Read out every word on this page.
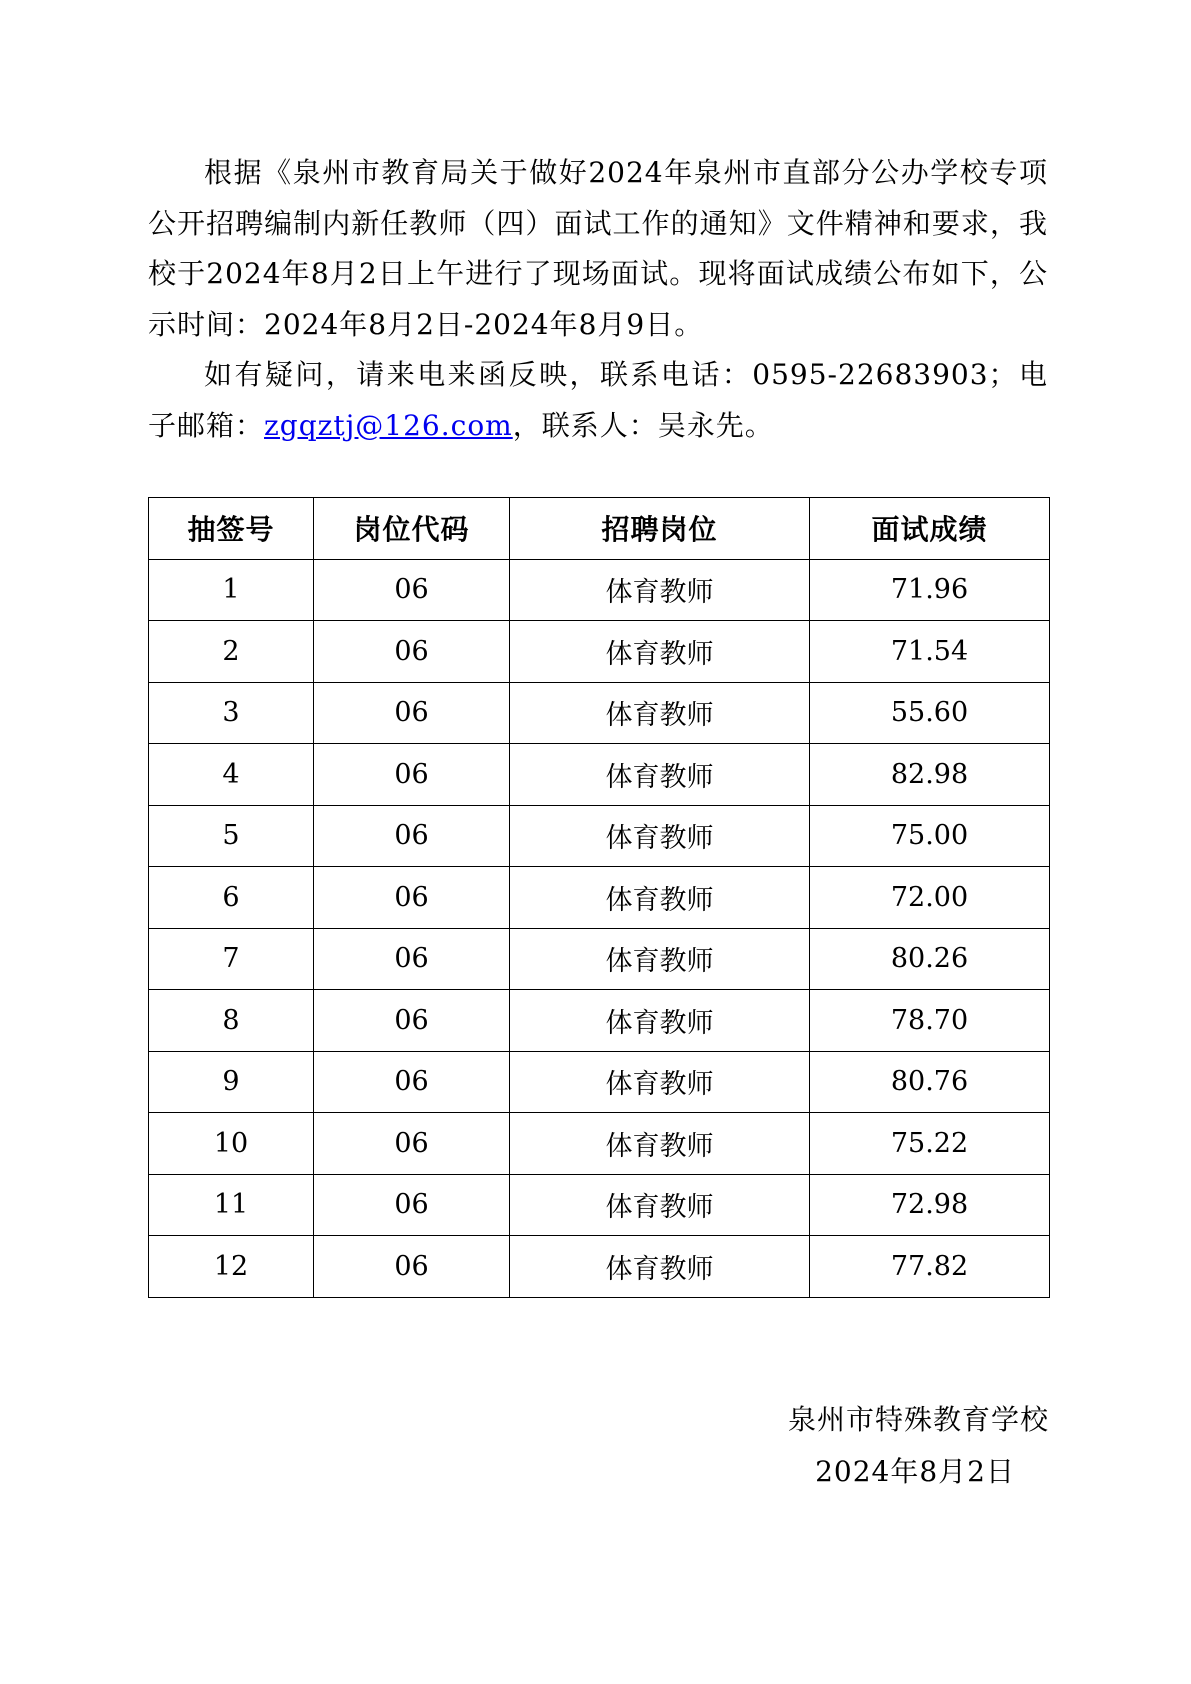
根据《泉州市教育局关于做好2024年泉州市直部分公办学校专项公开招聘编制内新任教师（四）面试工作的通知》文件精神和要求，我校于2024年8月2日上午进行了现场面试。现将面试成绩公布如下，公示时间：2024年8月2日-2024年8月9日。

如有疑问，请来电来函反映，联系电话：0595-22683903；电子邮箱：zgqztj@126.com，联系人：吴永先。

抽签号	岗位代码	招聘岗位	面试成绩
1	06	体育教师	71.96
2	06	体育教师	71.54
3	06	体育教师	55.60
4	06	体育教师	82.98
5	06	体育教师	75.00
6	06	体育教师	72.00
7	06	体育教师	80.26
8	06	体育教师	78.70
9	06	体育教师	80.76
10	06	体育教师	75.22
11	06	体育教师	72.98
12	06	体育教师	77.82
泉州市特殊教育学校
2024年8月2日
